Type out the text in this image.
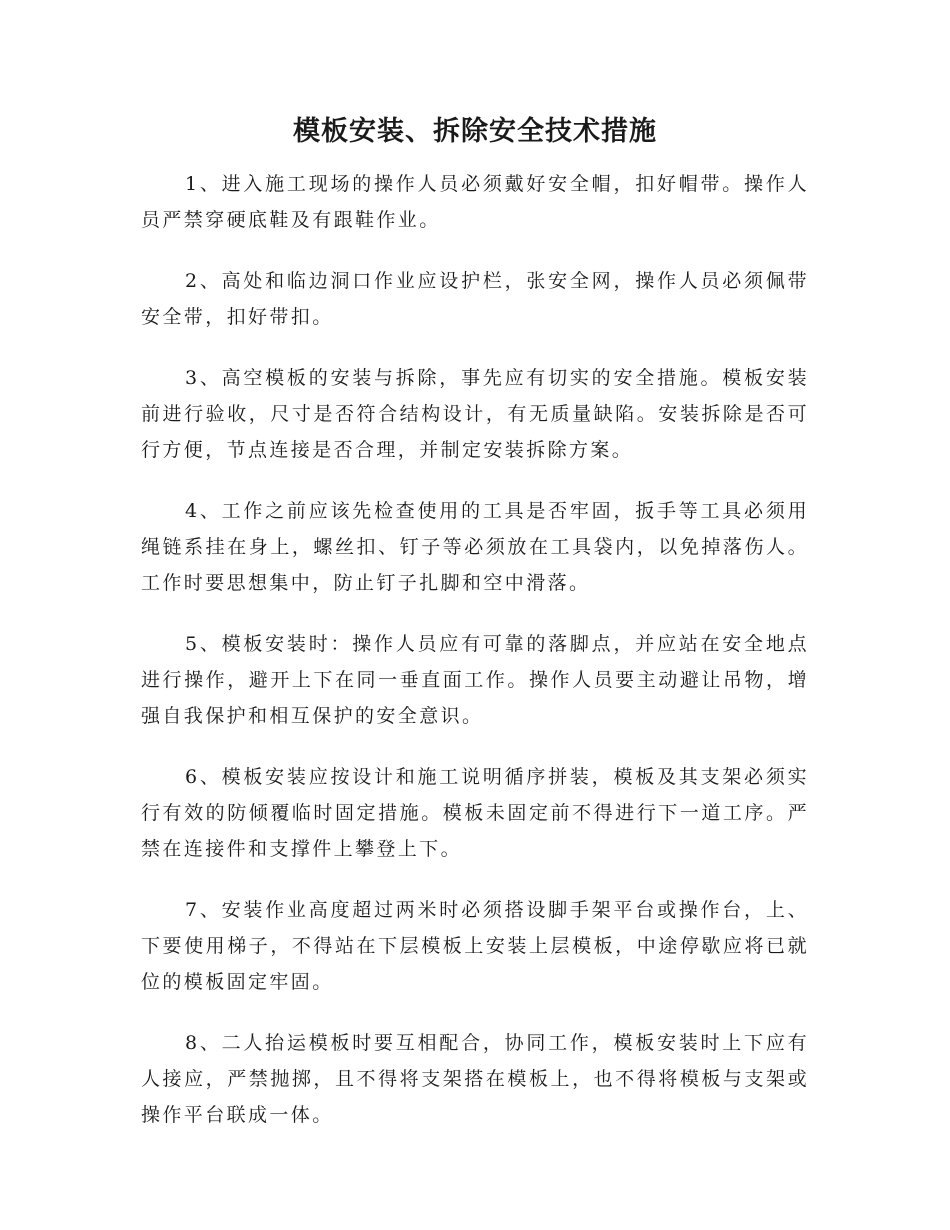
模板安装、拆除安全技术措施

1、进入施工现场的操作人员必须戴好安全帽，扣好帽带。操作人员严禁穿硬底鞋及有跟鞋作业。

2、高处和临边洞口作业应设护栏，张安全网，操作人员必须佩带安全带，扣好带扣。

3、高空模板的安装与拆除，事先应有切实的安全措施。模板安装前进行验收，尺寸是否符合结构设计，有无质量缺陷。安装拆除是否可行方便，节点连接是否合理，并制定安装拆除方案。

4、工作之前应该先检查使用的工具是否牢固，扳手等工具必须用绳链系挂在身上，螺丝扣、钉子等必须放在工具袋内，以免掉落伤人。工作时要思想集中，防止钉子扎脚和空中滑落。

5、模板安装时：操作人员应有可靠的落脚点，并应站在安全地点进行操作，避开上下在同一垂直面工作。操作人员要主动避让吊物，增强自我保护和相互保护的安全意识。

6、模板安装应按设计和施工说明循序拼装，模板及其支架必须实行有效的防倾覆临时固定措施。模板未固定前不得进行下一道工序。严禁在连接件和支撑件上攀登上下。

7、安装作业高度超过两米时必须搭设脚手架平台或操作台，上、下要使用梯子，不得站在下层模板上安装上层模板，中途停歇应将已就位的模板固定牢固。

8、二人抬运模板时要互相配合，协同工作，模板安装时上下应有人接应，严禁抛掷，且不得将支架搭在模板上，也不得将模板与支架或操作平台联成一体。
